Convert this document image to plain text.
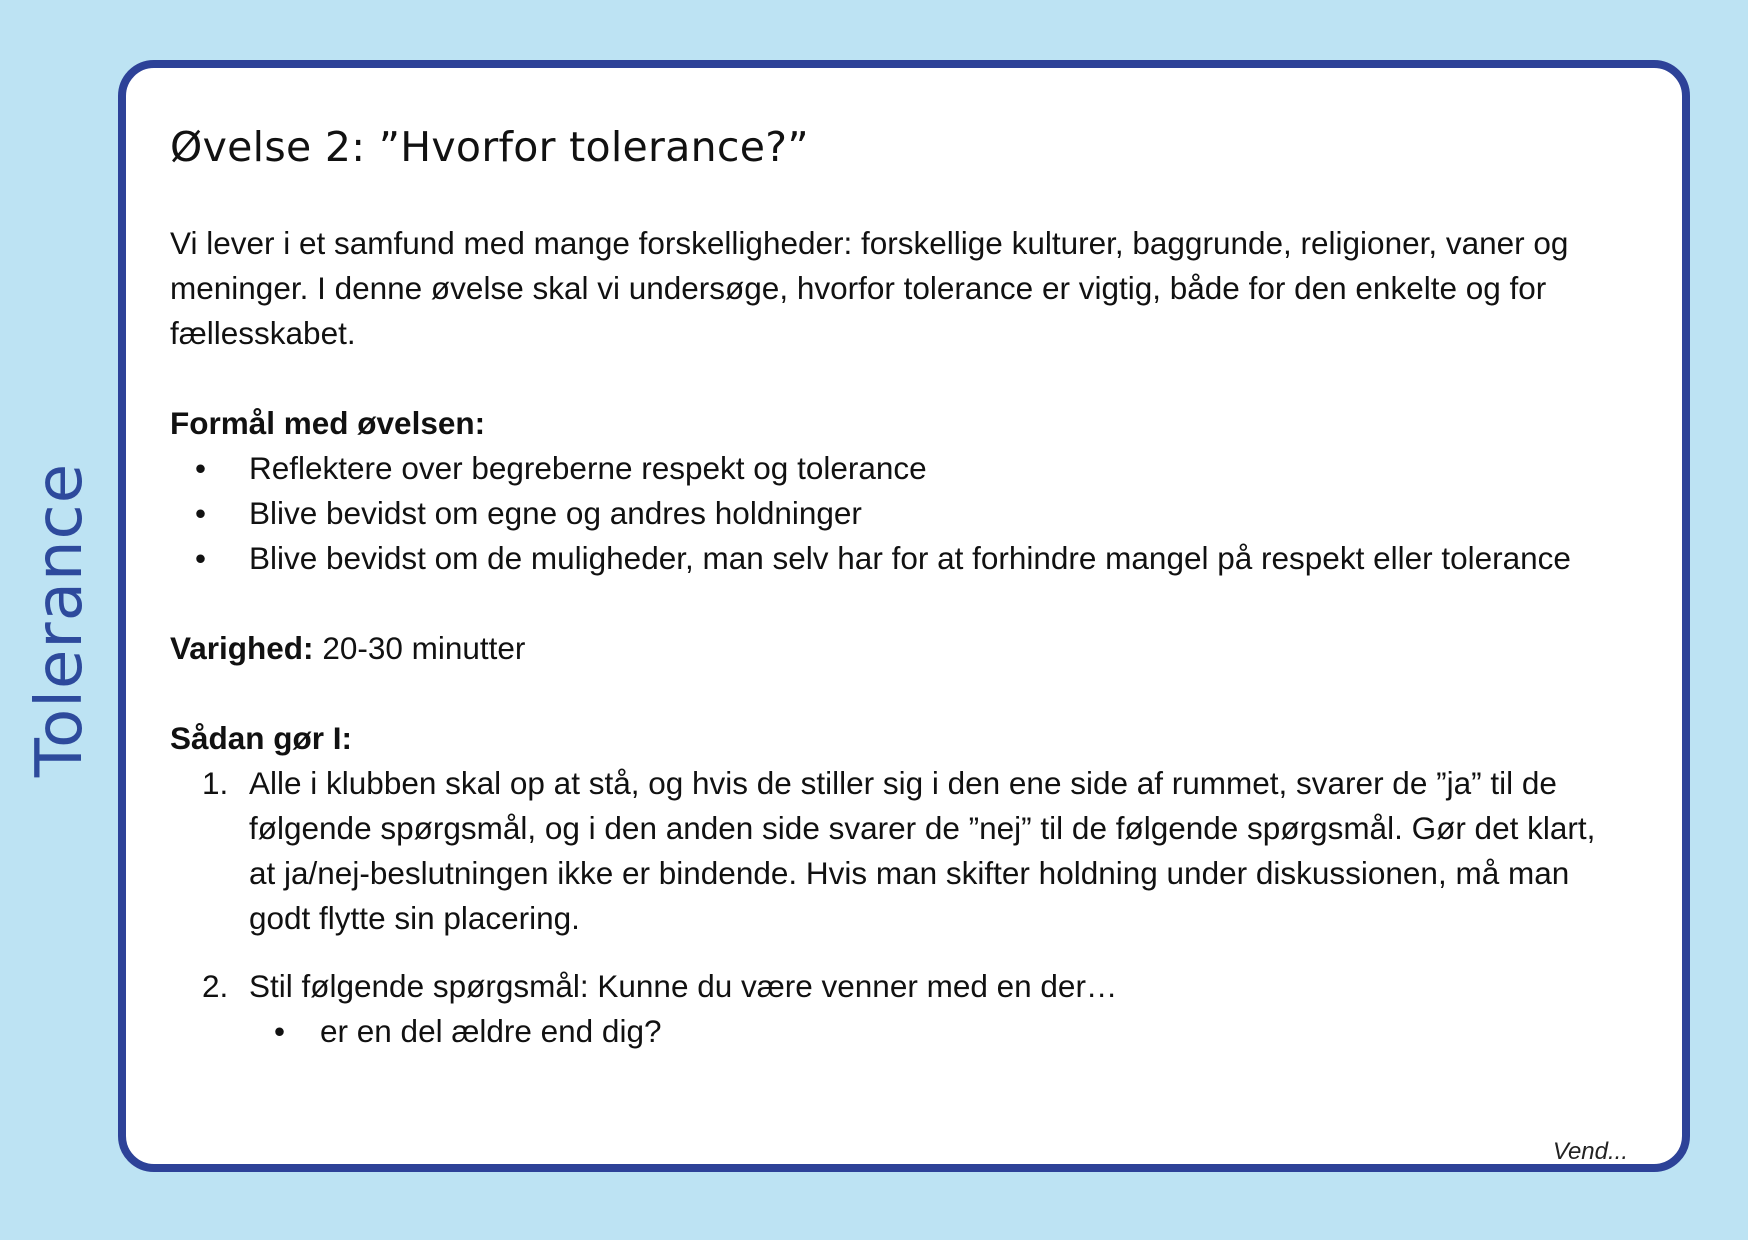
Tolerance
Øvelse 2: ”Hvorfor tolerance?”

Vi lever i et samfund med mange forskelligheder: forskellige kulturer, baggrunde, religioner, vaner og meninger. I denne øvelse skal vi undersøge, hvorfor tolerance er vigtig, både for den enkelte og for fællesskabet.

Formål med øvelsen:

• Reflektere over begreberne respekt og tolerance
• Blive bevidst om egne og andres holdninger
• Blive bevidst om de muligheder, man selv har for at forhindre mangel på respekt eller tolerance

Varighed: 20-30 minutter

Sådan gør I:

1. Alle i klubben skal op at stå, og hvis de stiller sig i den ene side af rummet, svarer de ”ja” til de følgende spørgsmål, og i den anden side svarer de ”nej” til de følgende spørgsmål. Gør det klart, at ja/nej-beslutningen ikke er bindende. Hvis man skifter holdning under diskussionen, må man godt flytte sin placering.
2. Stil følgende spørgsmål: Kunne du være venner med en der…
• er en del ældre end dig?
Vend...
